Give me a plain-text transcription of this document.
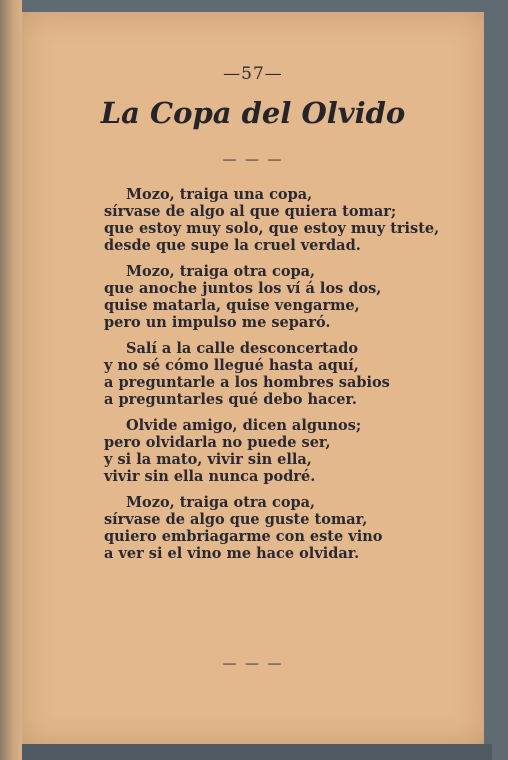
—57—
La Copa del Olvido
— — —
Mozo, traiga una copa,
sírvase de algo al que quiera tomar;
que estoy muy solo, que estoy muy triste,
desde que supe la cruel verdad.
Mozo, traiga otra copa,
que anoche juntos los ví á los dos,
quise matarla, quise vengarme,
pero un impulso me separó.
Salí a la calle desconcertado
y no sé cómo llegué hasta aquí,
a preguntarle a los hombres sabios
a preguntarles qué debo hacer.
Olvide amigo, dicen algunos;
pero olvidarla no puede ser,
y si la mato, vivir sin ella,
vivir sin ella nunca podré.
Mozo, traiga otra copa,
sírvase de algo que guste tomar,
quiero embriagarme con este vino
a ver si el vino me hace olvidar.
— — —
